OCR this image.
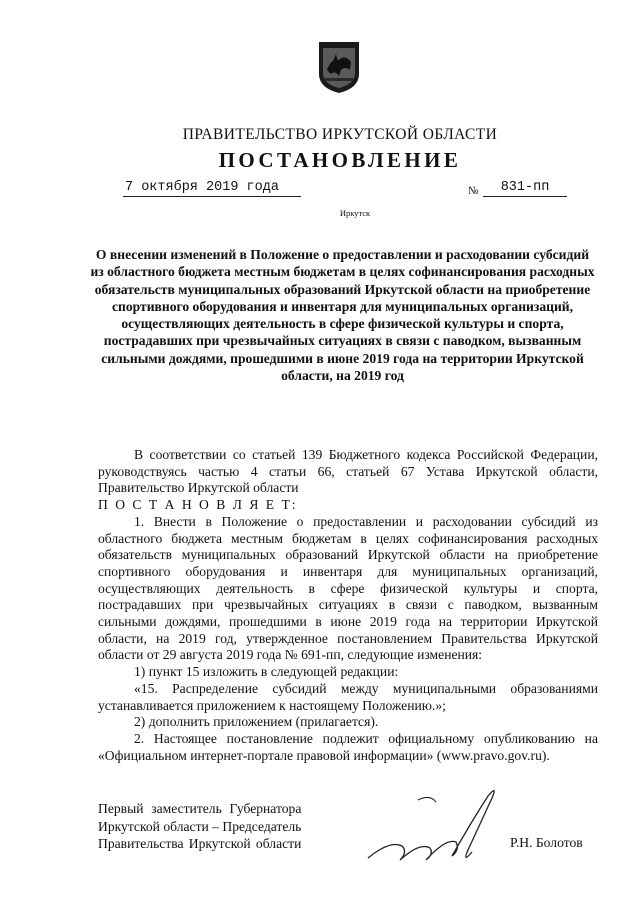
ПРАВИТЕЛЬСТВО ИРКУТСКОЙ ОБЛАСТИ
ПОСТАНОВЛЕНИЕ
7 октября 2019 года	№	831-пп
Иркутск
О внесении изменений в Положение о предоставлении и расходовании субсидий из областного бюджета местным бюджетам в целях софинансирования расходных обязательств муниципальных образований Иркутской области на приобретение спортивного оборудования и инвентаря для муниципальных организаций, осуществляющих деятельность в сфере физической культуры и спорта, пострадавших при чрезвычайных ситуациях в связи с паводком, вызванным сильными дождями, прошедшими в июне 2019 года на территории Иркутской области, на 2019 год

В соответствии со статьей 139 Бюджетного кодекса Российской Федерации, руководствуясь частью 4 статьи 66, статьей 67 Устава Иркутской области, Правительство Иркутской области

П О С Т А Н О В Л Я Е Т:

1. Внести в Положение о предоставлении и расходовании субсидий из областного бюджета местным бюджетам в целях софинансирования расходных обязательств муниципальных образований Иркутской области на приобретение спортивного оборудования и инвентаря для муниципальных организаций, осуществляющих деятельность в сфере физической культуры и спорта, пострадавших при чрезвычайных ситуациях в связи с паводком, вызванным сильными дождями, прошедшими в июне 2019 года на территории Иркутской области, на 2019 год, утвержденное постановлением Правительства Иркутской области от 29 августа 2019 года № 691-пп, следующие изменения:

1) пункт 15 изложить в следующей редакции:

«15. Распределение субсидий между муниципальными образованиями устанавливается приложением к настоящему Положению.»;

2) дополнить приложением (прилагается).

2. Настоящее постановление подлежит официальному опубликованию на «Официальном интернет-портале правовой информации» (www.pravo.gov.ru).

Первый заместитель Губернатора
Иркутской области – Председатель
Правительства Иркутской области	Р.Н. Болотов
